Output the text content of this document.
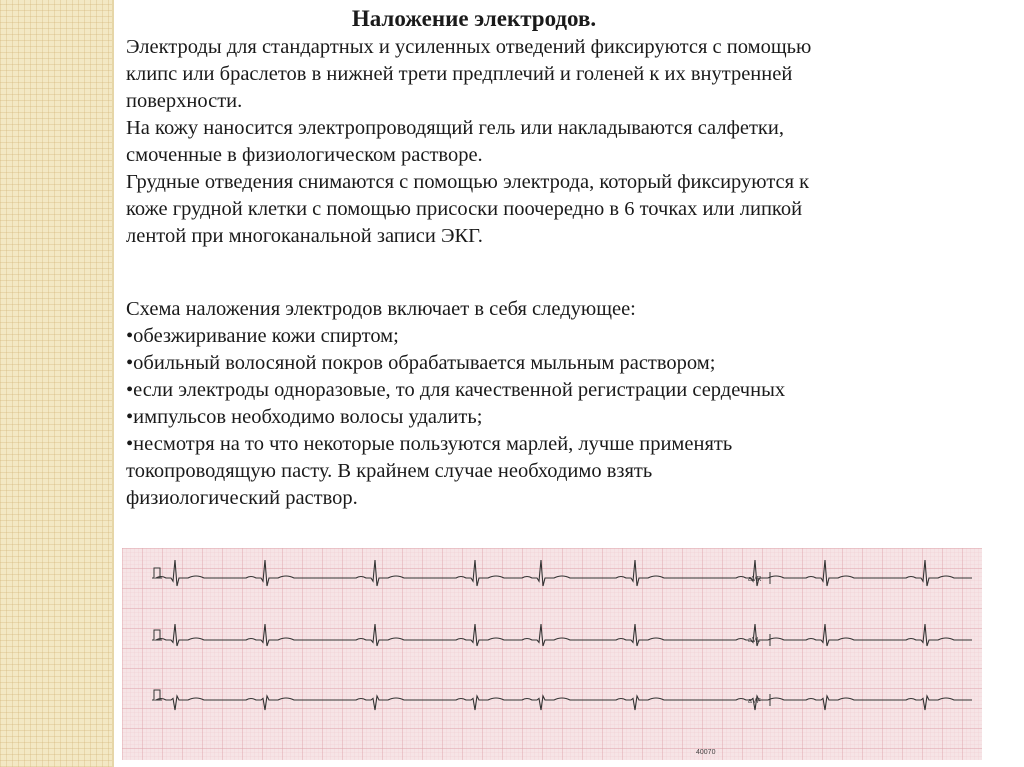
Наложение электродов.

Электроды для стандартных и усиленных отведений фиксируются с помощью
клипс или браслетов в нижней трети предплечий и голеней к их внутренней
поверхности.
На кожу наносится электропроводящий гель или накладываются салфетки,
смоченные в физиологическом растворе.
Грудные отведения снимаются с помощью электрода, который фиксируются к
коже грудной клетки с помощью присоски поочередно в 6 точках или липкой
лентой при многоканальной записи ЭКГ.

Схема наложения электродов включает в себя следующее:
•обезжиривание кожи спиртом;
•обильный волосяной покров обрабатывается мыльным раствором;
•если электроды одноразовые, то для качественной регистрации сердечных
•импульсов необходимо волосы удалить;
•несмотря на то что некоторые пользуются марлей, лучше применять
токопроводящую пасту. В крайнем случае необходимо взять
физиологический раствор.

aVR
aVL
aVF
40070
